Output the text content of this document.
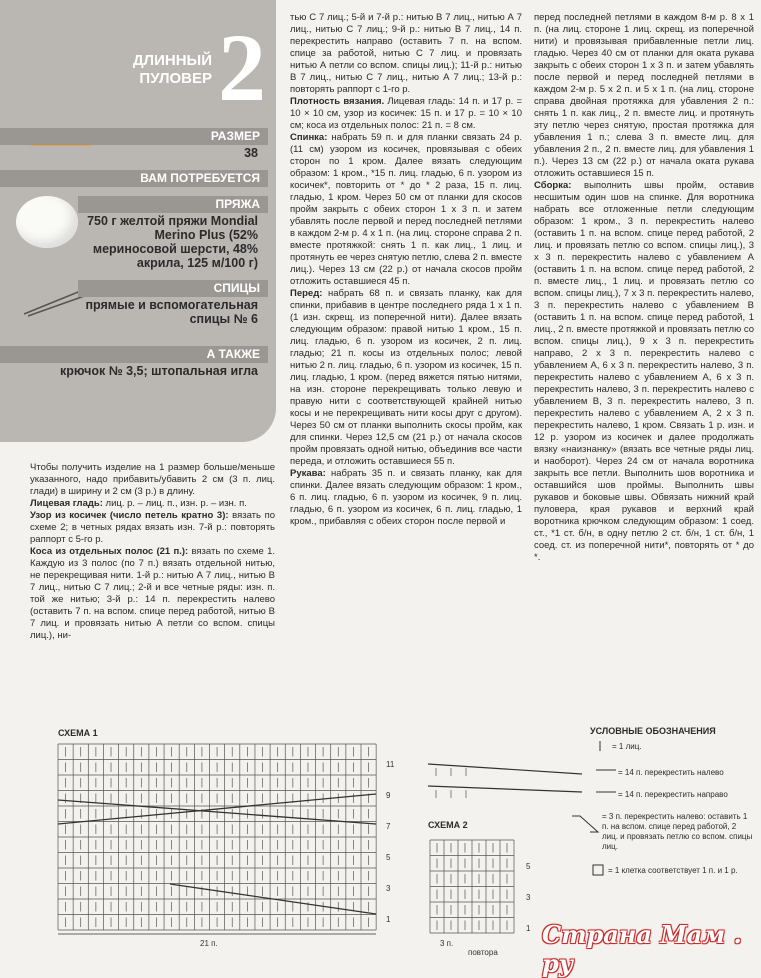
ДЛИННЫЙ ПУЛОВЕР 2
РАЗМЕР
38
ВАМ ПОТРЕБУЕТСЯ
ПРЯЖА
750 г желтой пряжи Mondial Merino Plus (52% мериносовой шерсти, 48% акрила, 125 м/100 г)
СПИЦЫ
прямые и вспомогательная спицы № 6
А ТАКЖЕ
крючок № 3,5; штопальная игла

Чтобы получить изделие на 1 размер больше/меньше указанного, надо прибавить/убавить 2 см (3 п. лиц. глади) в ширину и 2 см (3 р.) в длину.

Лицевая гладь: лиц. р. – лиц. п., изн. р. – изн. п.

Узор из косичек (число петель кратно 3): вязать по схеме 2; в четных рядах вязать изн. 7-й р.: повторять раппорт с 5-го р.

Коса из отдельных полос (21 п.): вязать по схеме 1. Каждую из 3 полос (по 7 п.) вязать отдельной нитью, не перекрещивая нити. 1-й р.: нитью А 7 лиц., нитью В 7 лиц., нитью С 7 лиц.; 2-й и все четные ряды: изн. п. той же нитью; 3-й р.: 14 п. перекрестить налево (оставить 7 п. на вспом. спице перед работой, нитью В 7 лиц. и провязать нитью А петли со вспом. спицы лиц.), ни-

тью С 7 лиц.; 5-й и 7-й р.: нитью В 7 лиц., нитью А 7 лиц., нитью С 7 лиц.; 9-й р.: нитью В 7 лиц., 14 п. перекрестить направо (оставить 7 п. на вспом. спице за работой, нитью С 7 лиц. и провязать нитью А петли со вспом. спицы лиц.); 11-й р.: нитью В 7 лиц., нитью С 7 лиц., нитью А 7 лиц.; 13-й р.: повторять раппорт с 1-го р.

Плотность вязания. Лицевая гладь: 14 п. и 17 р. = 10 × 10 см, узор из косичек: 15 п. и 17 р. = 10 × 10 см; коса из отдельных полос: 21 п. = 8 см.

Спинка: набрать 59 п. и для планки связать 24 р. (11 см) узором из косичек, провязывая с обеих сторон по 1 кром. Далее вязать следующим образом: 1 кром., *15 п. лиц. гладью, 6 п. узором из косичек*, повторить от * до * 2 раза, 15 п. лиц. гладью, 1 кром. Через 50 см от планки для скосов пройм закрыть с обеих сторон 1 х 3 п. и затем убавлять после первой и перед последней петлями в каждом 2-м р. 4 х 1 п. (на лиц. стороне справа 2 п. вместе протяжкой: снять 1 п. как лиц., 1 лиц. и протянуть ее через снятую петлю, слева 2 п. вместе лиц.). Через 13 см (22 р.) от начала скосов пройм отложить оставшиеся 45 п.

Перед: набрать 68 п. и связать планку, как для спинки, прибавив в центре последнего ряда 1 х 1 п. (1 изн. скрещ. из поперечной нити). Далее вязать следующим образом: правой нитью 1 кром., 15 п. лиц. гладью, 6 п. узором из косичек, 2 п. лиц. гладью; 21 п. косы из отдельных полос; левой нитью 2 п. лиц. гладью, 6 п. узором из косичек, 15 п. лиц. гладью, 1 кром. (перед вяжется пятью нитями, на изн. стороне перекрещивать только левую и правую нити с соответствующей крайней нитью косы и не перекрещивать нити косы друг с другом). Через 50 см от планки выполнить скосы пройм, как для спинки. Через 12,5 см (21 р.) от начала скосов пройм провязать одной нитью, объединив все части переда, и отложить оставшиеся 55 п.

Рукава: набрать 35 п. и связать планку, как для спинки. Далее вязать следующим образом: 1 кром., 6 п. лиц. гладью, 6 п. узором из косичек, 9 п. лиц. гладью, 6 п. узором из косичек, 6 п. лиц. гладью, 1 кром., прибавляя с обеих сторон после первой и

перед последней петлями в каждом 8-м р. 8 х 1 п. (на лиц. стороне 1 лиц. скрещ. из поперечной нити) и провязывая прибавленные петли лиц. гладью. Через 40 см от планки для окатa рукава закрыть с обеих сторон 1 х 3 п. и затем убавлять после первой и перед последней петлями в каждом 2-м р. 5 х 2 п. и 5 х 1 п. (на лиц. стороне справа двойная протяжка для убавления 2 п.: снять 1 п. как лиц., 2 п. вместе лиц. и протянуть эту петлю через снятую, простая протяжка для убавления 1 п.; слева 3 п. вместе лиц. для убавления 2 п., 2 п. вместе лиц. для убавления 1 п.). Через 13 см (22 р.) от начала окатa рукава отложить оставшиеся 15 п.

Сборка: выполнить швы пройм, оставив несшитым один шов на спинке. Для воротника набрать все отложенные петли следующим образом: 1 кром., 3 п. перекрестить налево (оставить 1 п. на вспом. спице перед работой, 2 лиц. и провязать петлю со вспом. спицы лиц.), 3 х 3 п. перекрестить налево с убавлением А (оставить 1 п. на вспом. спице перед работой, 2 п. вместе лиц., 1 лиц. и провязать петлю со вспом. спицы лиц.), 7 х 3 п. перекрестить налево, 3 п. перекрестить налево с убавлением В (оставить 1 п. на вспом. спице перед работой, 1 лиц., 2 п. вместе протяжкой и провязать петлю со вспом. спицы лиц.), 9 х 3 п. перекрестить направо, 2 х 3 п. перекрестить налево с убавлением А, 6 х 3 п. перекрестить налево, 3 п. перекрестить налево с убавлением А, 6 х 3 п. перекрестить налево, 3 п. перекрестить налево с убавлением В, 3 п. перекрестить налево, 3 п. перекрестить налево с убавлением А, 2 х 3 п. перекрестить налево, 1 кром. Связать 1 р. изн. и 12 р. узором из косичек и далее продолжать вязку «наизнанку» (вязать все четные ряды лиц. и наоборот). Через 24 см от начала воротника закрыть все петли. Выполнить шов воротника и оставшийся шов проймы. Выполнить швы рукавов и боковые швы. Обвязать нижний край пуловера, края рукавов и верхний край воротника крючком следующим образом: 1 соед. ст., *1 ст. б/н, в одну петлю 2 ст. б/н, 1 ст. б/н, 1 соед. ст. из поперечной нити*, повторять от * до *.

СХЕМА 1
1
3
5
7
9
11
21 п.
СХЕМА 2
1
3
5
3 п.
повтора
УСЛОВНЫЕ ОБОЗНАЧЕНИЯ
= 1 лиц.
= 14 п. перекрестить налево
= 14 п. перекрестить направо
= 3 п. перекрестить налево: оставить 1 п. на вспом. спице перед работой, 2 лиц. и провязать петлю со вспом. спицы лиц.
= 1 клетка соответствует 1 п. и 1 р.
Страна Мам . ру
